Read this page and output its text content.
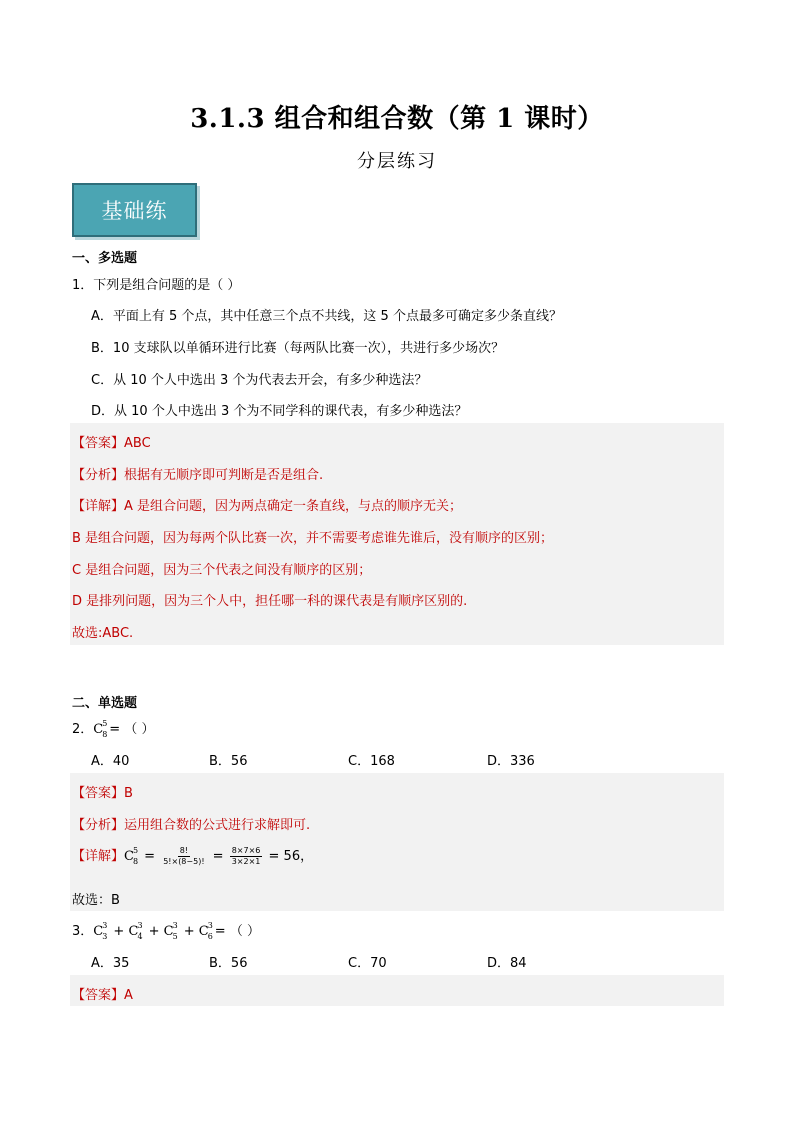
3.1.3 组合和组合数（第 1 课时）
分层练习
基础练
一、多选题
1．下列是组合问题的是（ ）
A．平面上有 5 个点，其中任意三个点不共线，这 5 个点最多可确定多少条直线？
B．10 支球队以单循环进行比赛（每两队比赛一次），共进行多少场次？
C．从 10 个人中选出 3 个为代表去开会，有多少种选法？
D．从 10 个人中选出 3 个为不同学科的课代表，有多少种选法？
【答案】ABC
【分析】根据有无顺序即可判断是否是组合.
【详解】A 是组合问题，因为两点确定一条直线，与点的顺序无关；
B 是组合问题，因为每两个队比赛一次，并不需要考虑谁先谁后，没有顺序的区别；
C 是组合问题，因为三个代表之间没有顺序的区别；
D 是排列问题，因为三个人中，担任哪一科的课代表是有顺序区别的.
故选:ABC.
二、单选题
2．C 5
8 = （ ）
A．40	B．56	C．168	D．336
【答案】B
【分析】运用组合数的公式进行求解即可.
【详解】C 5
$8 = \frac{8!}{5!\times(8-5)!} = \frac{8\times 7\times 6}{3\times 2\times 1} = 56$，
故选：B
3．C 3
3 + C 3
4 + C 3
5 + C 3
6 = （ ）
A．35	B．56	C．70	D．84
【答案】A
